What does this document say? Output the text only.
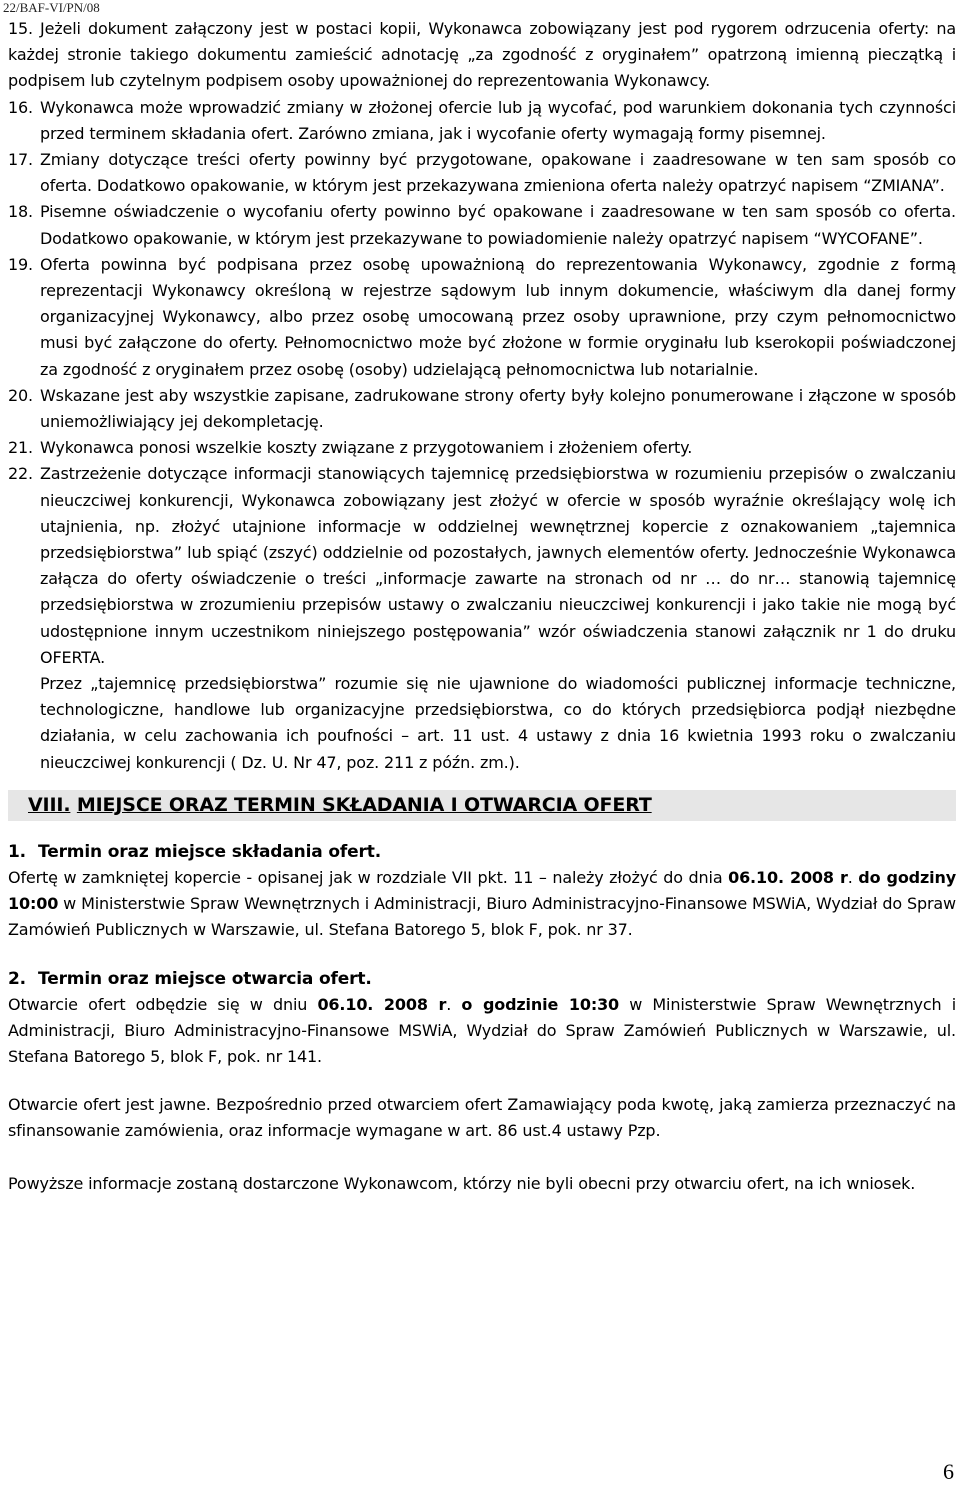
22/BAF-VI/PN/08

15. Jeżeli dokument załączony jest w postaci kopii, Wykonawca zobowiązany jest pod rygorem odrzucenia oferty: na każdej stronie takiego dokumentu zamieścić adnotację „za zgodność z oryginałem” opatrzoną imienną pieczątką i podpisem lub czytelnym podpisem osoby upoważnionej do reprezentowania Wykonawcy.

16. Wykonawca może wprowadzić zmiany w złożonej ofercie lub ją wycofać, pod warunkiem dokonania tych czynności przed terminem składania ofert. Zarówno zmiana, jak i wycofanie oferty wymagają formy pisemnej.

17. Zmiany dotyczące treści oferty powinny być przygotowane, opakowane i zaadresowane w ten sam sposób co oferta. Dodatkowo opakowanie, w którym jest przekazywana zmieniona oferta należy opatrzyć napisem “ZMIANA”.

18. Pisemne oświadczenie o wycofaniu oferty powinno być opakowane i zaadresowane w ten sam sposób co oferta. Dodatkowo opakowanie, w którym jest przekazywane to powiadomienie należy opatrzyć napisem “WYCOFANE”.

19. Oferta powinna być podpisana przez osobę upoważnioną do reprezentowania Wykonawcy, zgodnie z formą reprezentacji Wykonawcy określoną w rejestrze sądowym lub innym dokumencie, właściwym dla danej formy organizacyjnej Wykonawcy, albo przez osobę umocowaną przez osoby uprawnione, przy czym pełnomocnictwo musi być załączone do oferty. Pełnomocnictwo może być złożone w formie oryginału lub kserokopii poświadczonej za zgodność z oryginałem przez osobę (osoby) udzielającą pełnomocnictwa lub notarialnie.

20. Wskazane jest aby wszystkie zapisane, zadrukowane strony oferty były kolejno ponumerowane i złączone w sposób uniemożliwiający jej dekompletację.

21. Wykonawca ponosi wszelkie koszty związane z przygotowaniem i złożeniem oferty.

22. Zastrzeżenie dotyczące informacji stanowiących tajemnicę przedsiębiorstwa w rozumieniu przepisów o zwalczaniu nieuczciwej konkurencji, Wykonawca zobowiązany jest złożyć w ofercie w sposób wyraźnie określający wolę ich utajnienia, np. złożyć utajnione informacje w oddzielnej wewnętrznej kopercie z oznakowaniem „tajemnica przedsiębiorstwa” lub spiąć (zszyć) oddzielnie od pozostałych, jawnych elementów oferty. Jednocześnie Wykonawca załącza do oferty oświadczenie o treści „informacje zawarte na stronach od nr … do nr… stanowią tajemnicę przedsiębiorstwa w zrozumieniu przepisów ustawy o zwalczaniu nieuczciwej konkurencji i jako takie nie mogą być udostępnione innym uczestnikom niniejszego postępowania” wzór oświadczenia stanowi załącznik nr 1 do druku OFERTA.

Przez „tajemnicę przedsiębiorstwa” rozumie się nie ujawnione do wiadomości publicznej informacje techniczne, technologiczne, handlowe lub organizacyjne przedsiębiorstwa, co do których przedsiębiorca podjął niezbędne działania, w celu zachowania ich poufności – art. 11 ust. 4 ustawy z dnia 16 kwietnia 1993 roku o zwalczaniu nieuczciwej konkurencji ( Dz. U. Nr 47, poz. 211 z późn. zm.).

VIII. MIEJSCE ORAZ TERMIN SKŁADANIA I OTWARCIA OFERT
1. Termin oraz miejsce składania ofert.

Ofertę w zamkniętej kopercie - opisanej jak w rozdziale VII pkt. 11 – należy złożyć do dnia 06.10. 2008 r. do godziny 10:00 w Ministerstwie Spraw Wewnętrznych i Administracji, Biuro Administracyjno-Finansowe MSWiA, Wydział do Spraw Zamówień Publicznych w Warszawie, ul. Stefana Batorego 5, blok F, pok. nr 37.

2. Termin oraz miejsce otwarcia ofert.

Otwarcie ofert odbędzie się w dniu 06.10. 2008 r. o godzinie 10:30 w Ministerstwie Spraw Wewnętrznych i Administracji, Biuro Administracyjno-Finansowe MSWiA, Wydział do Spraw Zamówień Publicznych w Warszawie, ul. Stefana Batorego 5, blok F, pok. nr 141.

Otwarcie ofert jest jawne. Bezpośrednio przed otwarciem ofert Zamawiający poda kwotę, jaką zamierza przeznaczyć na sfinansowanie zamówienia, oraz informacje wymagane w art. 86 ust.4 ustawy Pzp.

Powyższe informacje zostaną dostarczone Wykonawcom, którzy nie byli obecni przy otwarciu ofert, na ich wniosek.

6
